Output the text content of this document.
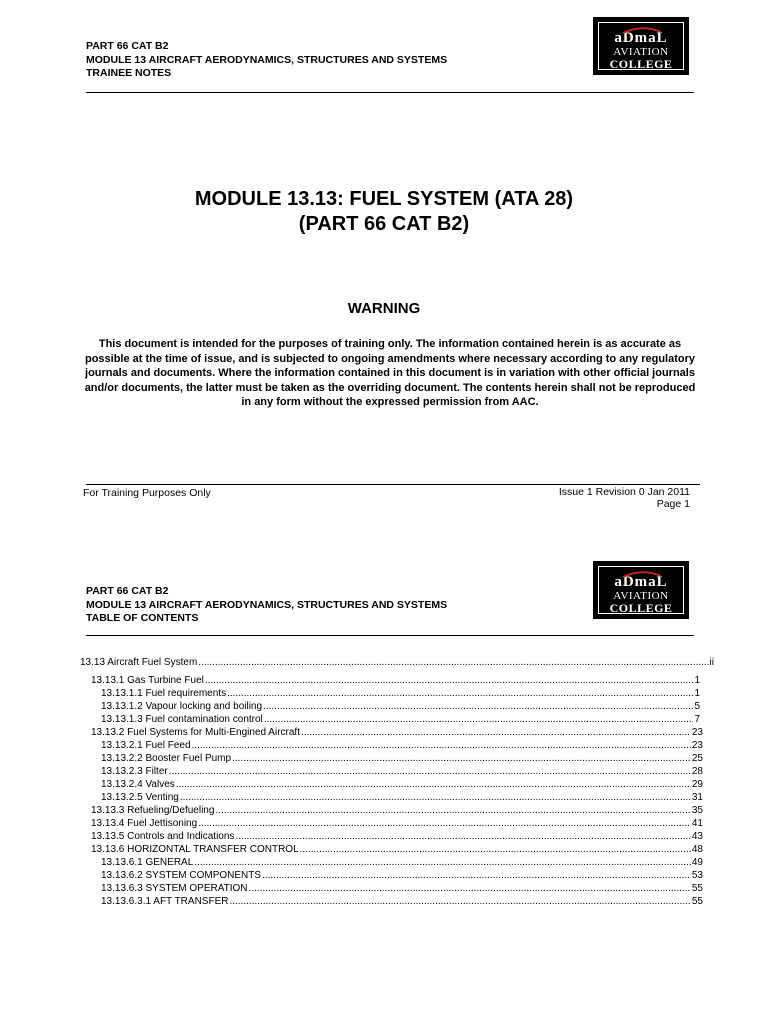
PART 66 CAT B2
MODULE 13 AIRCRAFT AERODYNAMICS, STRUCTURES AND SYSTEMS
TRAINEE NOTES
aDmaL
AVIATION
COLLEGE
MODULE 13.13: FUEL SYSTEM (ATA 28)
(PART 66 CAT B2)
WARNING
This document is intended for the purposes of training only. The information contained herein is as accurate as possible at the time of issue, and is subjected to ongoing amendments where necessary according to any regulatory journals and documents. Where the information contained in this document is in variation with other official journals and/or documents, the latter must be taken as the overriding document. The contents herein shall not be reproduced in any form without the expressed permission from AAC.
For Training Purposes Only	Issue 1 Revision 0 Jan 2011
Page 1
PART 66 CAT B2
MODULE 13 AIRCRAFT AERODYNAMICS, STRUCTURES AND SYSTEMS
TABLE OF CONTENTS
aDmaL
AVIATION
COLLEGE
13.13 Aircraft Fuel System .....	ii
13.13.1 Gas Turbine Fuel .....	1
13.13.1.1 Fuel requirements .....	1
13.13.1.2 Vapour locking and boiling .....	5
13.13.1.3 Fuel contamination control .....	7
13.13.2 Fuel Systems for Multi-Engined Aircraft .....	23
13.13.2.1 Fuel Feed .....	23
13.13.2.2 Booster Fuel Pump .....	25
13.13.2.3 Filter .....	28
13.13.2.4 Valves .....	29
13.13.2.5 Venting .....	31
13.13.3 Refueling/Defueling .....	35
13.13.4 Fuel Jettisoning .....	41
13.13.5 Controls and Indications .....	43
13.13.6 HORIZONTAL TRANSFER CONTROL .....	48
13.13.6.1 GENERAL .....	49
13.13.6.2 SYSTEM COMPONENTS .....	53
13.13.6.3 SYSTEM OPERATION .....	55
13.13.6.3.1 AFT TRANSFER .....	55
